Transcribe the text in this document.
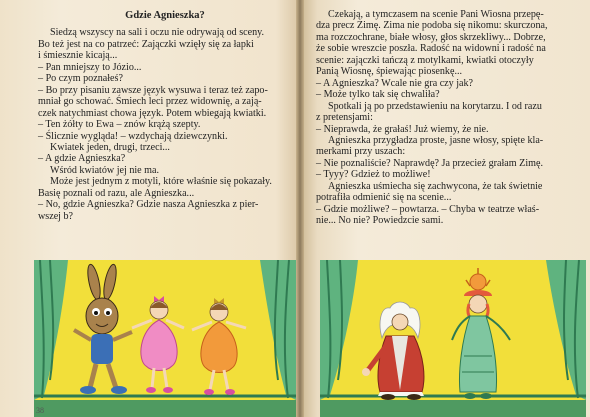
Gdzie Agnieszka?

Siedzą wszyscy na sali i oczu nie odrywają od sceny.

Bo też jest na co patrzeć: Zajączki wzięły się za łapki

i śmiesznie kicają...

– Pan mniejszy to Józio...

– Po czym poznałeś?

– Bo przy pisaniu zawsze język wysuwa i teraz też zapo-

mniał go schować. Śmiech leci przez widownię, a zają-

czek natychmiast chowa język. Potem wbiegają kwiatki.

– Ten żółty to Ewa – znów krążą szepty.

– Ślicznie wygląda! – wzdychają dziewczynki.

Kwiatek jeden, drugi, trzeci...

– A gdzie Agnieszka?

Wśród kwiatów jej nie ma.

Może jest jednym z motyli, które właśnie się pokazały.

Basię poznali od razu, ale Agnieszka...

– No, gdzie Agnieszka? Gdzie nasza Agnieszka z pier-

wszej b?

38

Czekają, a tymczasem na scenie Pani Wiosna przepę-

dza precz Zimę. Zima nie podoba się nikomu: skurczona,

ma rozczochrane, białe włosy, głos skrzekliwy... Dobrze,

że sobie wreszcie poszła. Radość na widowni i radość na

scenie: zajączki tańczą z motylkami, kwiatki otoczyły

Panią Wiosnę, śpiewając piosenkę...

– A Agnieszka? Wcale nie gra czy jak?

– Może tylko tak się chwaliła?

Spotkali ją po przedstawieniu na korytarzu. I od razu

z pretensjami:

– Nieprawda, że grałaś! Już wiemy, że nie.

Agnieszka przygładza proste, jasne włosy, spięte kla-

merkami przy uszach:

– Nie poznaliście? Naprawdę? Ja przecież grałam Zimę.

– Tyyy? Gdzież to możliwe!

Agnieszka uśmiecha się zachwycona, że tak świetnie

potrafiła odmienić się na scenie...

– Gdzie możliwe? – powtarza. – Chyba w teatrze właś-

nie... No nie? Powiedzcie sami.
